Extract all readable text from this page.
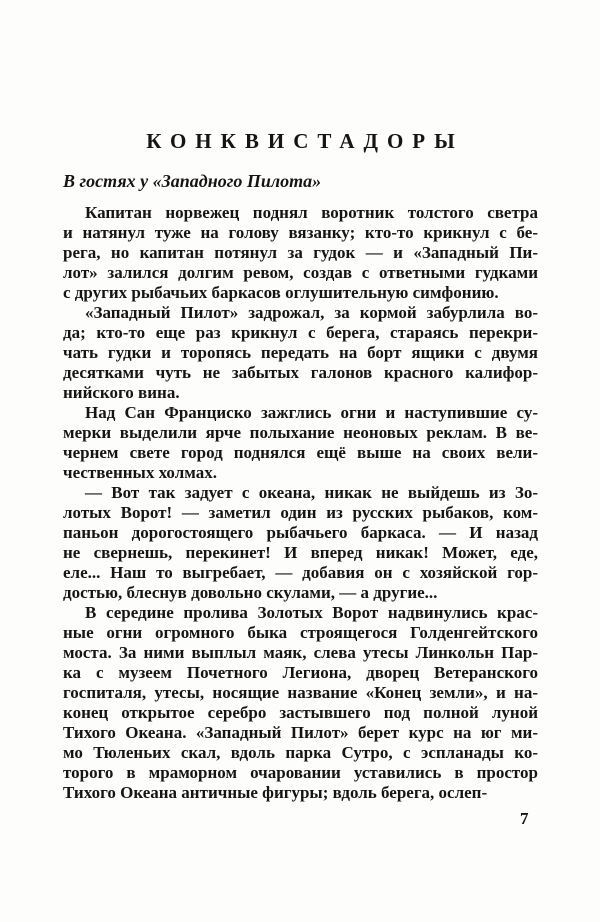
КОНКВИСТАДОРЫ
В гостях у «Западного Пилота»
Капитан норвежец поднял воротник толстого светра
и натянул туже на голову вязанку; кто-то крикнул с бе-
рега, но капитан потянул за гудок — и «Западный Пи-
лот» залился долгим ревом, создав с ответными гудками
с других рыбачьих баркасов оглушительную симфонию.
«Западный Пилот» задрожал, за кормой забурлила во-
да; кто-то еще раз крикнул с берега, стараясь перекри-
чать гудки и торопясь передать на борт ящики с двумя
десятками чуть не забытых галонов красного калифор-
нийского вина.
Над Сан Франциско зажглись огни и наступившие су-
мерки выделили ярче полыхание неоновых реклам. В ве-
чернем свете город поднялся ещё выше на своих вели-
чественных холмах.
— Вот так задует с океана, никак не выйдешь из Зо-
лотых Ворот! — заметил один из русских рыбаков, ком-
паньон дорогостоящего рыбачьего баркаса. — И назад
не свернешь, перекинет! И вперед никак! Может, еде,
еле... Наш то выгребает, — добавия он с хозяйской гор-
достью, блеснув довольно скулами, — а другие...
В середине пролива Золотых Ворот надвинулись крас-
ные огни огромного быка строящегося Голденгейтского
моста. За ними выплыл маяк, слева утесы Линкольн Пар-
ка с музеем Почетного Легиона, дворец Ветеранского
госпиталя, утесы, носящие название «Конец земли», и на-
конец открытое серебро застывшего под полной луной
Тихого Океана. «Западный Пилот» берет курс на юг ми-
мо Тюленьих скал, вдоль парка Сутро, с эспланады ко-
торого в мраморном очаровании уставились в простор
Тихого Океана античные фигуры; вдоль берега, ослеп-
7
